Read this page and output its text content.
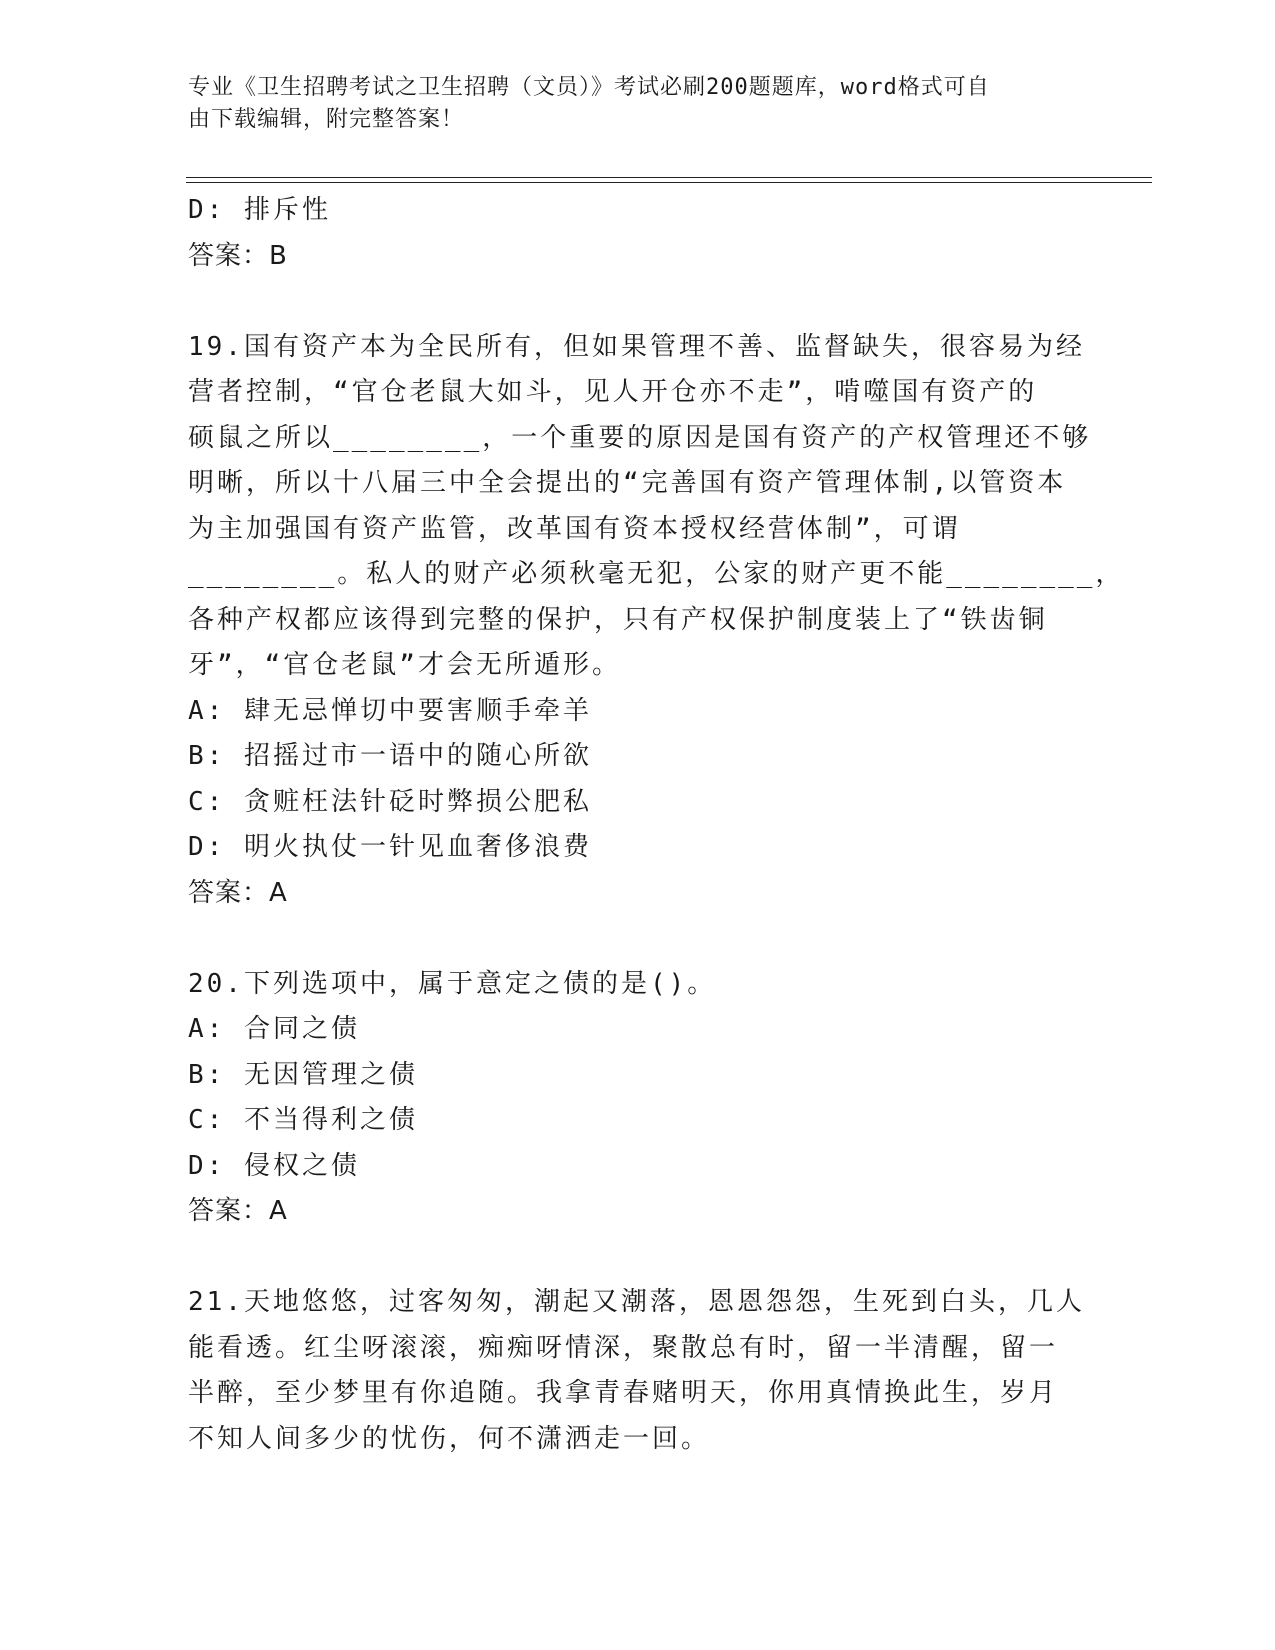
专业《卫生招聘考试之卫生招聘（文员）》考试必刷200题题库，word格式可自
由下载编辑，附完整答案！
D: 排斥性
答案：B
19.国有资产本为全民所有，但如果管理不善、监督缺失，很容易为经
营者控制，“官仓老鼠大如斗，见人开仓亦不走”，啃噬国有资产的
硕鼠之所以________，一个重要的原因是国有资产的产权管理还不够
明晰，所以十八届三中全会提出的“完善国有资产管理体制,以管资本
为主加强国有资产监管，改革国有资本授权经营体制”，可谓
________。私人的财产必须秋毫无犯，公家的财产更不能________，
各种产权都应该得到完整的保护，只有产权保护制度装上了“铁齿铜
牙”，“官仓老鼠”才会无所遁形。
A: 肆无忌惮切中要害顺手牵羊
B: 招摇过市一语中的随心所欲
C: 贪赃枉法针砭时弊损公肥私
D: 明火执仗一针见血奢侈浪费
答案：A
20.下列选项中，属于意定之债的是()。
A: 合同之债
B: 无因管理之债
C: 不当得利之债
D: 侵权之债
答案：A
21.天地悠悠，过客匆匆，潮起又潮落，恩恩怨怨，生死到白头，几人
能看透。红尘呀滚滚，痴痴呀情深，聚散总有时，留一半清醒，留一
半醉，至少梦里有你追随。我拿青春赌明天，你用真情换此生，岁月
不知人间多少的忧伤，何不潇洒走一回。
